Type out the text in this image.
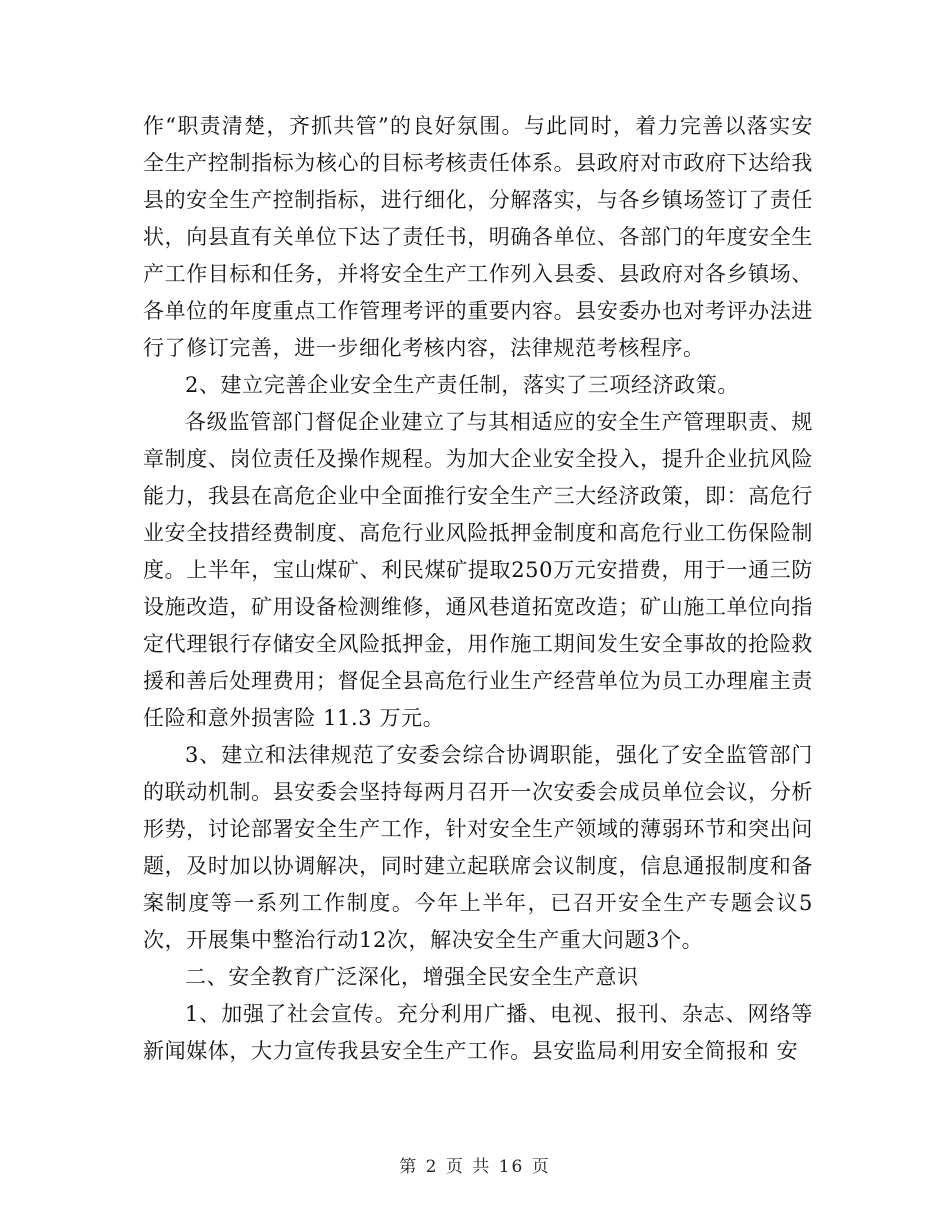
作“职责清楚，齐抓共管”的良好氛围。与此同时，着力完善以落实安全生产控制指标为核心的目标考核责任体系。县政府对市政府下达给我县的安全生产控制指标，进行细化，分解落实，与各乡镇场签订了责任状，向县直有关单位下达了责任书，明确各单位、各部门的年度安全生产工作目标和任务，并将安全生产工作列入县委、县政府对各乡镇场、各单位的年度重点工作管理考评的重要内容。县安委办也对考评办法进行了修订完善，进一步细化考核内容，法律规范考核程序。

2、建立完善企业安全生产责任制，落实了三项经济政策。

各级监管部门督促企业建立了与其相适应的安全生产管理职责、规章制度、岗位责任及操作规程。为加大企业安全投入，提升企业抗风险能力，我县在高危企业中全面推行安全生产三大经济政策，即：高危行业安全技措经费制度、高危行业风险抵押金制度和高危行业工伤保险制度。上半年，宝山煤矿、利民煤矿提取250万元安措费，用于一通三防设施改造，矿用设备检测维修，通风巷道拓宽改造；矿山施工单位向指定代理银行存储安全风险抵押金，用作施工期间发生安全事故的抢险救援和善后处理费用；督促全县高危行业生产经营单位为员工办理雇主责任险和意外损害险 11.3 万元。

3、建立和法律规范了安委会综合协调职能，强化了安全监管部门的联动机制。县安委会坚持每两月召开一次安委会成员单位会议，分析形势，讨论部署安全生产工作，针对安全生产领域的薄弱环节和突出问题，及时加以协调解决，同时建立起联席会议制度，信息通报制度和备案制度等一系列工作制度。今年上半年，已召开安全生产专题会议5次，开展集中整治行动12次，解决安全生产重大问题3个。

二、安全教育广泛深化，增强全民安全生产意识

1、加强了社会宣传。充分利用广播、电视、报刊、杂志、网络等新闻媒体，大力宣传我县安全生产工作。县安监局利用安全简报和 安

第 2 页 共 16 页
